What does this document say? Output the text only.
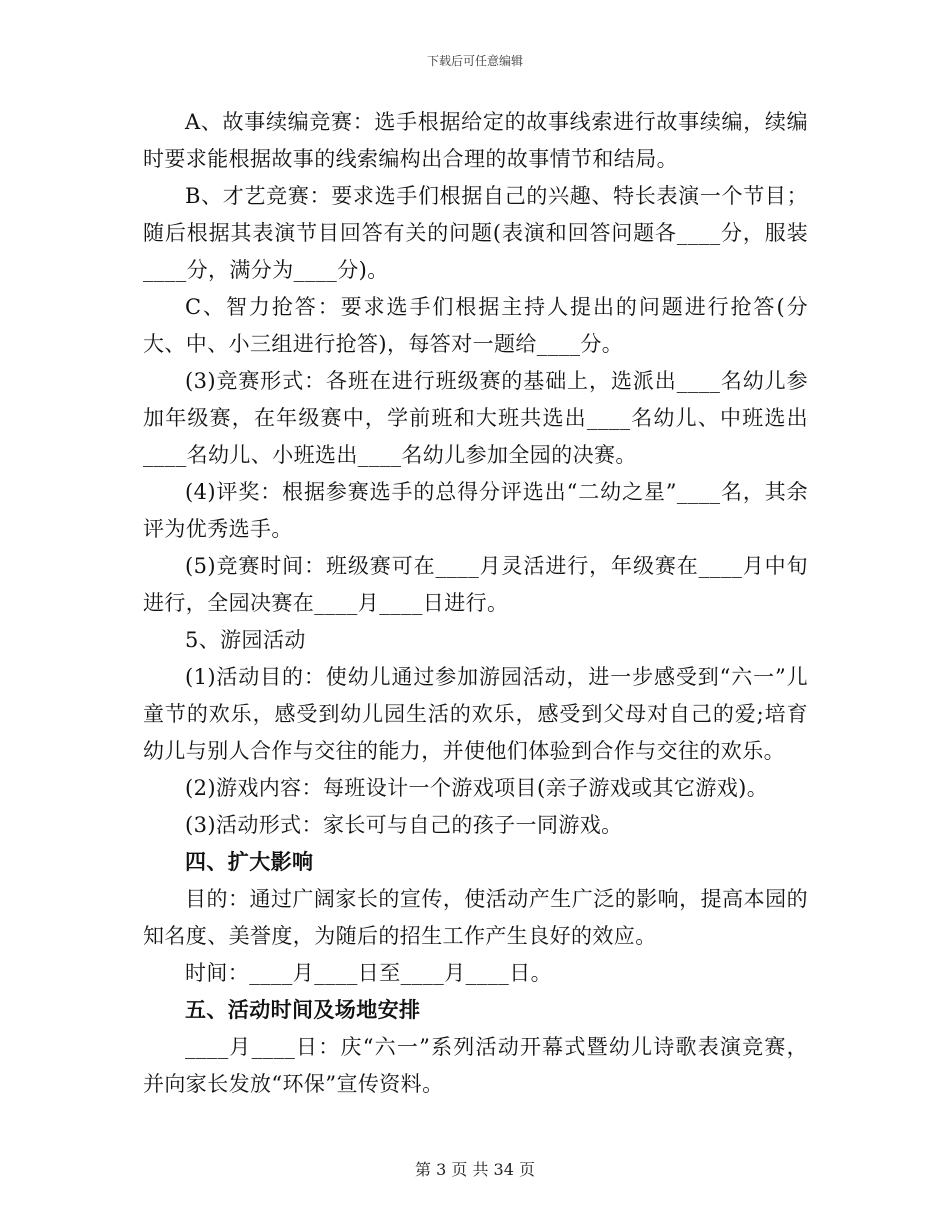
下载后可任意编辑

A、故事续编竞赛：选手根据给定的故事线索进行故事续编，续编时要求能根据故事的线索编构出合理的故事情节和结局。

B、才艺竞赛：要求选手们根据自己的兴趣、特长表演一个节目；随后根据其表演节目回答有关的问题(表演和回答问题各____分，服装____分，满分为____分)。

C、智力抢答：要求选手们根据主持人提出的问题进行抢答(分大、中、小三组进行抢答)，每答对一题给____分。

(3)竞赛形式：各班在进行班级赛的基础上，选派出____名幼儿参加年级赛，在年级赛中，学前班和大班共选出____名幼儿、中班选出____名幼儿、小班选出____名幼儿参加全园的决赛。

(4)评奖：根据参赛选手的总得分评选出“二幼之星”____名，其余评为优秀选手。

(5)竞赛时间：班级赛可在____月灵活进行，年级赛在____月中旬进行，全园决赛在____月____日进行。

5、游园活动

(1)活动目的：使幼儿通过参加游园活动，进一步感受到“六一”儿童节的欢乐，感受到幼儿园生活的欢乐，感受到父母对自己的爱;培育幼儿与别人合作与交往的能力，并使他们体验到合作与交往的欢乐。

(2)游戏内容：每班设计一个游戏项目(亲子游戏或其它游戏)。

(3)活动形式：家长可与自己的孩子一同游戏。

四、扩大影响

目的：通过广阔家长的宣传，使活动产生广泛的影响，提高本园的知名度、美誉度，为随后的招生工作产生良好的效应。

时间：____月____日至____月____日。

五、活动时间及场地安排

____月____日：庆“六一”系列活动开幕式暨幼儿诗歌表演竞赛，并向家长发放“环保”宣传资料。

第 3 页 共 34 页
